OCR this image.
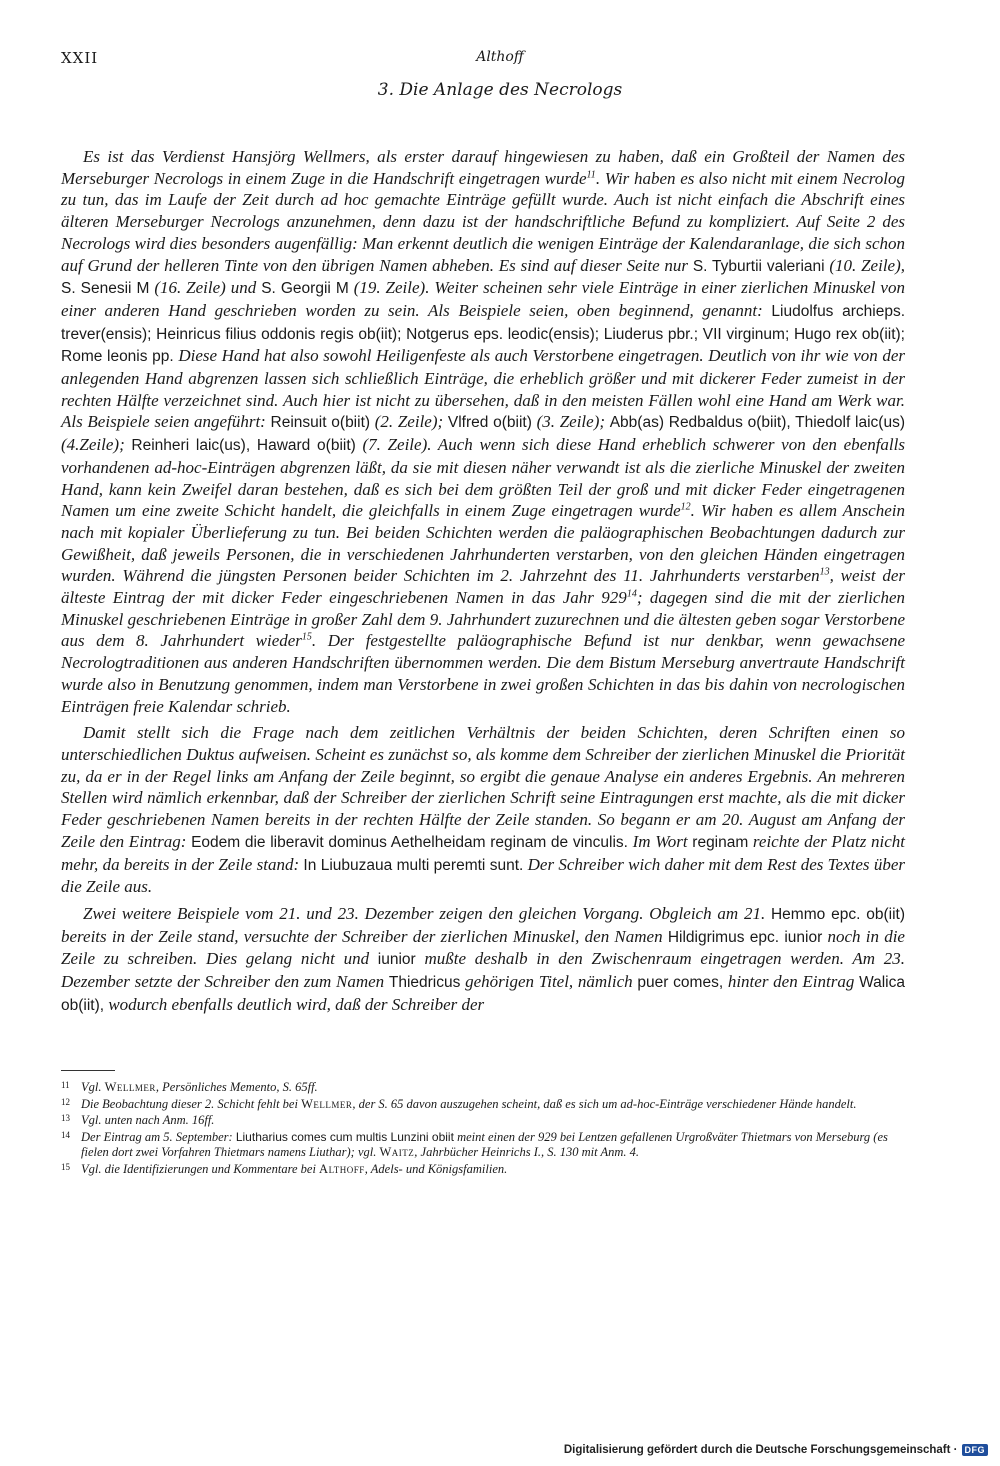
XXII	Althoff
3. Die Anlage des Necrologs

Es ist das Verdienst Hansjörg Wellmers, als erster darauf hingewiesen zu haben, daß ein Großteil der Namen des Merseburger Necrologs in einem Zuge in die Handschrift eingetragen wurde$^{11}$. Wir haben es also nicht mit einem Necrolog zu tun, das im Laufe der Zeit durch ad hoc gemachte Einträge gefüllt wurde. Auch ist nicht einfach die Abschrift eines älteren Merseburger Necrologs anzunehmen, denn dazu ist der handschriftliche Befund zu kompliziert. Auf Seite 2 des Necrologs wird dies besonders augenfällig: Man erkennt deutlich die wenigen Einträge der Kalendaranlage, die sich schon auf Grund der helleren Tinte von den übrigen Namen abheben. Es sind auf dieser Seite nur S. Tyburtii valeriani (10. Zeile), S. Senesii M (16. Zeile) und S. Georgii M (19. Zeile). Weiter scheinen sehr viele Einträge in einer zierlichen Minuskel von einer anderen Hand geschrieben worden zu sein. Als Beispiele seien, oben beginnend, genannt: Liudolfus archieps. trever(ensis); Heinricus filius oddonis regis ob(iit); Notgerus eps. leodic(ensis); Liuderus pbr.; VII virginum; Hugo rex ob(iit); Rome leonis pp. Diese Hand hat also sowohl Heiligenfeste als auch Verstorbene eingetragen. Deutlich von ihr wie von der anlegenden Hand abgrenzen lassen sich schließlich Einträge, die erheblich größer und mit dickerer Feder zumeist in der rechten Hälfte verzeichnet sind. Auch hier ist nicht zu übersehen, daß in den meisten Fällen wohl eine Hand am Werk war. Als Beispiele seien angeführt: Reinsuit o(biit) (2. Zeile); Vlfred o(biit) (3. Zeile); Abb(as) Redbaldus o(biit), Thiedolf laic(us) (4.Zeile); Reinheri laic(us), Haward o(biit) (7. Zeile). Auch wenn sich diese Hand erheblich schwerer von den ebenfalls vorhandenen ad-hoc-Einträgen abgrenzen läßt, da sie mit diesen näher verwandt ist als die zierliche Minuskel der zweiten Hand, kann kein Zweifel daran bestehen, daß es sich bei dem größten Teil der groß und mit dicker Feder eingetragenen Namen um eine zweite Schicht handelt, die gleichfalls in einem Zuge eingetragen wurde$^{12}$. Wir haben es allem Anschein nach mit kopialer Überlieferung zu tun. Bei beiden Schichten werden die paläographischen Beobachtungen dadurch zur Gewißheit, daß jeweils Personen, die in verschiedenen Jahrhunderten verstarben, von den gleichen Händen eingetragen wurden. Während die jüngsten Personen beider Schichten im 2. Jahrzehnt des 11. Jahrhunderts verstarben$^{13}$, weist der älteste Eintrag der mit dicker Feder eingeschriebenen Namen in das Jahr $929^{14}$; dagegen sind die mit der zierlichen Minuskel geschriebenen Einträge in großer Zahl dem 9. Jahrhundert zuzurechnen und die ältesten geben sogar Verstorbene aus dem 8. Jahrhundert wieder$^{15}$. Der festgestellte paläographische Befund ist nur denkbar, wenn gewachsene Necrologtraditionen aus anderen Handschriften übernommen werden. Die dem Bistum Merseburg anvertraute Handschrift wurde also in Benutzung genommen, indem man Verstorbene in zwei großen Schichten in das bis dahin von necrologischen Einträgen freie Kalendar schrieb.

Damit stellt sich die Frage nach dem zeitlichen Verhältnis der beiden Schichten, deren Schriften einen so unterschiedlichen Duktus aufweisen. Scheint es zunächst so, als komme dem Schreiber der zierlichen Minuskel die Priorität zu, da er in der Regel links am Anfang der Zeile beginnt, so ergibt die genaue Analyse ein anderes Ergebnis. An mehreren Stellen wird nämlich erkennbar, daß der Schreiber der zierlichen Schrift seine Eintragungen erst machte, als die mit dicker Feder geschriebenen Namen bereits in der rechten Hälfte der Zeile standen. So begann er am 20. August am Anfang der Zeile den Eintrag: Eodem die liberavit dominus Aethelheidam reginam de vinculis. Im Wort reginam reichte der Platz nicht mehr, da bereits in der Zeile stand: In Liubuzaua multi peremti sunt. Der Schreiber wich daher mit dem Rest des Textes über die Zeile aus.

Zwei weitere Beispiele vom 21. und 23. Dezember zeigen den gleichen Vorgang. Obgleich am 21. Hemmo epc. ob(iit) bereits in der Zeile stand, versuchte der Schreiber der zierlichen Minuskel, den Namen Hildigrimus epc. iunior noch in die Zeile zu schreiben. Dies gelang nicht und iunior mußte deshalb in den Zwischenraum eingetragen werden. Am 23. Dezember setzte der Schreiber den zum Namen Thiedricus gehörigen Titel, nämlich puer comes, hinter den Eintrag Walica ob(iit), wodurch ebenfalls deutlich wird, daß der Schreiber der

11 Vgl. Wellmer, Persönliches Memento, S. 65ff.
12 Die Beobachtung dieser 2. Schicht fehlt bei Wellmer, der S. 65 davon auszugehen scheint, daß es sich um ad-hoc-Einträge verschiedener Hände handelt.
13 Vgl. unten nach Anm. 16ff.
14 Der Eintrag am 5. September: Liutharius comes cum multis Lunzini obiit meint einen der 929 bei Lentzen gefallenen Urgroßväter Thietmars von Merseburg (es fielen dort zwei Vorfahren Thietmars namens Liuthar); vgl. Waitz, Jahrbücher Heinrichs I., S. 130 mit Anm. 4.
15 Vgl. die Identifizierungen und Kommentare bei Althoff, Adels- und Königsfamilien.
Digitalisierung gefördert durch die Deutsche Forschungsgemeinschaft · DFG
